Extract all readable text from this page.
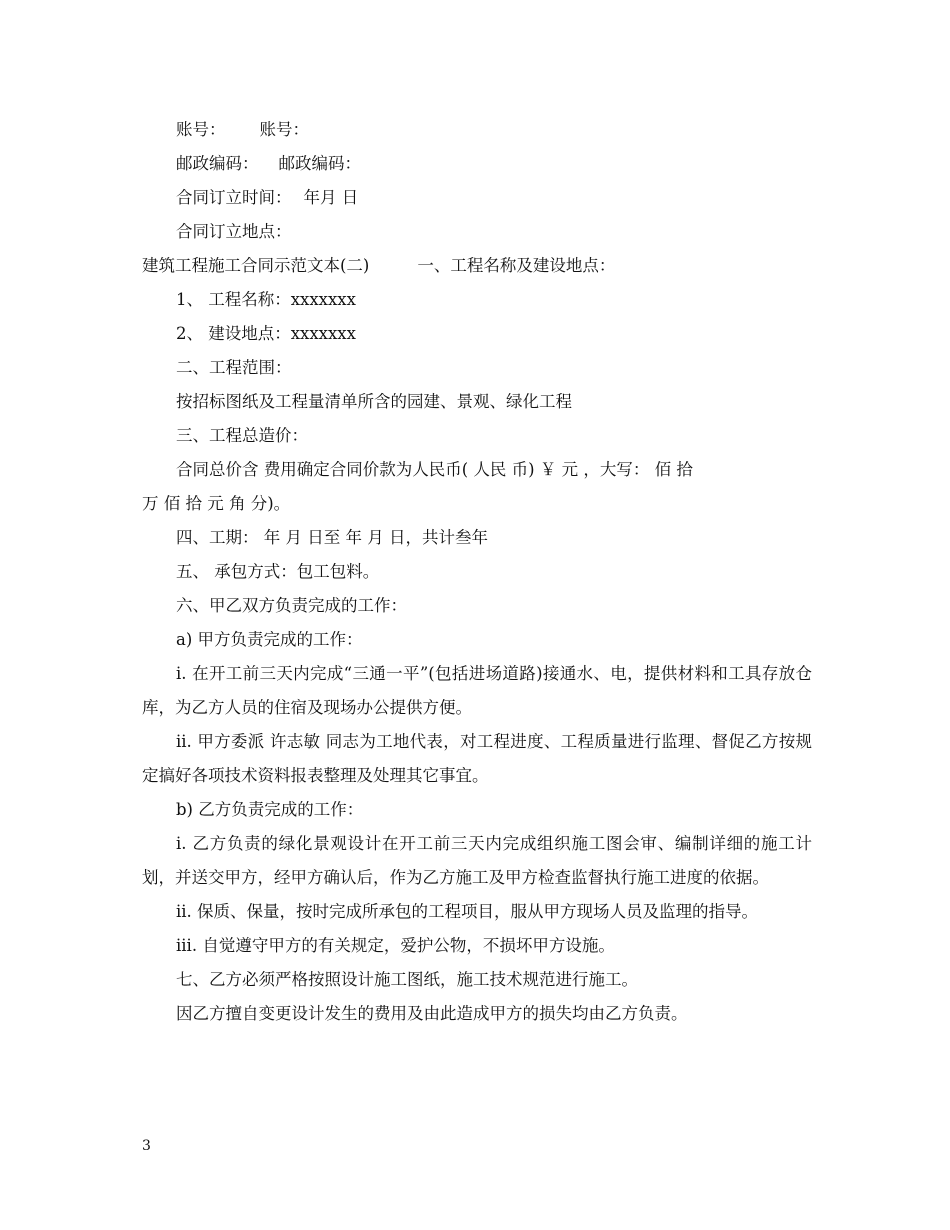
账号： 账号：

邮政编码： 邮政编码：

合同订立时间： 年月 日

合同订立地点：

建筑工程施工合同示范文本(二)	一、工程名称及建设地点：

1、 工程名称：xxxxxxx

2、 建设地点：xxxxxxx

二、工程范围：

按招标图纸及工程量清单所含的园建、景观、绿化工程

三、工程总造价：

合同总价含 费用确定合同价款为人民币( 人民 币) ￥ 元 ，大写： 佰 拾

万 佰 拾 元 角 分)。

四、工期： 年 月 日至 年 月 日，共计叁年

五、 承包方式：包工包料。

六、甲乙双方负责完成的工作：

a) 甲方负责完成的工作：

i. 在开工前三天内完成“三通一平”(包括进场道路)接通水、电，提供材料和工具存放仓库，为乙方人员的住宿及现场办公提供方便。

ii. 甲方委派 许志敏 同志为工地代表，对工程进度、工程质量进行监理、督促乙方按规定搞好各项技术资料报表整理及处理其它事宜。

b) 乙方负责完成的工作：

i. 乙方负责的绿化景观设计在开工前三天内完成组织施工图会审、编制详细的施工计划，并送交甲方，经甲方确认后，作为乙方施工及甲方检查监督执行施工进度的依据。

ii. 保质、保量，按时完成所承包的工程项目，服从甲方现场人员及监理的指导。

iii. 自觉遵守甲方的有关规定，爱护公物，不损坏甲方设施。

七、乙方必须严格按照设计施工图纸，施工技术规范进行施工。

因乙方擅自变更设计发生的费用及由此造成甲方的损失均由乙方负责。

3
